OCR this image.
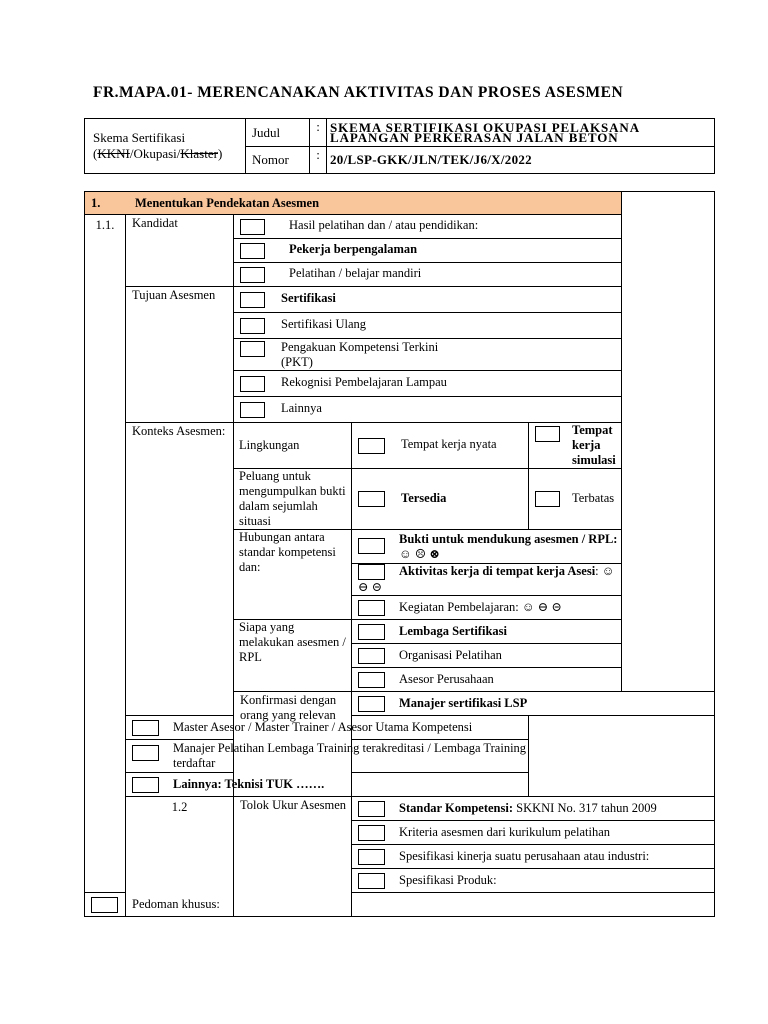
FR.MAPA.01- MERENCANAKAN AKTIVITAS DAN PROSES ASESMEN
Skema Sertifikasi
(KKNI/Okupasi/Klaster)	Judul	:	SKEMA SERTIFIKASI OKUPASI PELAKSANA LAPANGAN PERKERASAN JALAN BETON
	Nomor	:	20/LSP-GKK/JLN/TEK/J6/X/2022
1. Menentukan Pendekatan Asesmen				
1.1.	Kandidat	Hasil pelatihan dan / atau pendidikan:		
		Pekerja berpengalaman		
		Pelatihan / belajar mandiri		
	Tujuan Asesmen	Sertifikasi		
		Sertifikasi Ulang		

		Pengakuan Kompetensi Terkini (PKT)		

		Rekognisi Pembelajaran Lampau		
		Lainnya		
	Konteks Asesmen:	Lingkungan	Tempat kerja nyata	Tempat kerja simulasi

		Peluang untuk mengumpulkan bukti dalam sejumlah situasi	Tersedia	Terbatas
		Hubungan antara standar kompetensi dan:	Bukti untuk mendukung asesmen / RPL: ☺ ☹ ⊗	

			Aktivitas kerja di tempat kerja Asesi: ☺ ⊖ ⊝	
			Kegiatan Pembelajaran: ☺ ⊖ ⊝	
		Siapa yang melakukan asesmen / RPL	Lembaga Sertifikasi	
			Organisasi Pelatihan	
			Asesor Perusahaan	
		Konfirmasi dengan orang yang relevan	Manajer sertifikasi LSP	
	Master Asesor / Master Trainer / Asesor Utama Kompetensi			

	Manajer Pelatihan Lembaga Training terakreditasi / Lembaga Training terdaftar			

	Lainnya: Teknisi TUK …….			
	1.2	Tolok Ukur Asesmen	Standar Kompetensi: SKKNI No. 317 tahun 2009	
			Kriteria asesmen dari kurikulum pelatihan	
			Spesifikasi kinerja suatu perusahaan atau industri:	
			Spesifikasi Produk:	
Pedoman khusus:				
